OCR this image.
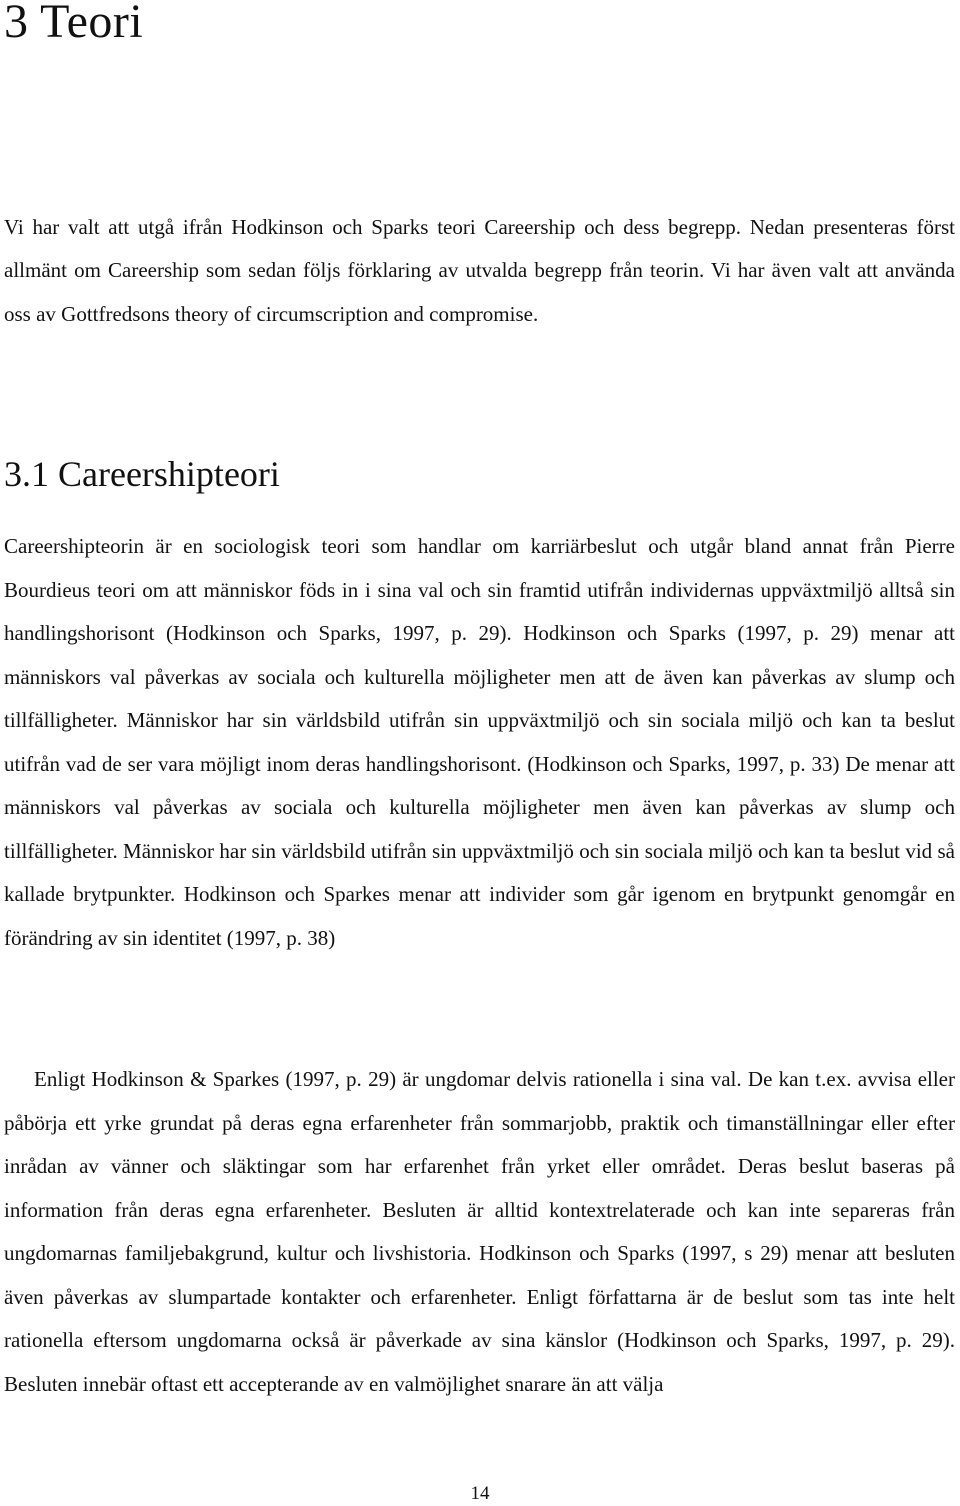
3 Teori

Vi har valt att utgå ifrån Hodkinson och Sparks teori Careership och dess begrepp. Nedan presenteras först allmänt om Careership som sedan följs förklaring av utvalda begrepp från teorin. Vi har även valt att använda oss av Gottfredsons theory of circumscription and compromise.

3.1 Careershipteori

Careershipteorin är en sociologisk teori som handlar om karriärbeslut och utgår bland annat från Pierre Bourdieus teori om att människor föds in i sina val och sin framtid utifrån individernas uppväxtmiljö alltså sin handlingshorisont (Hodkinson och Sparks, 1997, p. 29). Hodkinson och Sparks (1997, p. 29) menar att människors val påverkas av sociala och kulturella möjligheter men att de även kan påverkas av slump och tillfälligheter. Människor har sin världsbild utifrån sin uppväxtmiljö och sin sociala miljö och kan ta beslut utifrån vad de ser vara möjligt inom deras handlingshorisont. (Hodkinson och Sparks, 1997, p. 33) De menar att människors val påverkas av sociala och kulturella möjligheter men även kan påverkas av slump och tillfälligheter. Människor har sin världsbild utifrån sin uppväxtmiljö och sin sociala miljö och kan ta beslut vid så kallade brytpunkter. Hodkinson och Sparkes menar att individer som går igenom en brytpunkt genomgår en förändring av sin identitet (1997, p. 38)

Enligt Hodkinson & Sparkes (1997, p. 29) är ungdomar delvis rationella i sina val. De kan t.ex. avvisa eller påbörja ett yrke grundat på deras egna erfarenheter från sommarjobb, praktik och timanställningar eller efter inrådan av vänner och släktingar som har erfarenhet från yrket eller området. Deras beslut baseras på information från deras egna erfarenheter. Besluten är alltid kontextrelaterade och kan inte separeras från ungdomarnas familjebakgrund, kultur och livshistoria. Hodkinson och Sparks (1997, s 29) menar att besluten även påverkas av slumpartade kontakter och erfarenheter. Enligt författarna är de beslut som tas inte helt rationella eftersom ungdomarna också är påverkade av sina känslor (Hodkinson och Sparks, 1997, p. 29). Besluten innebär oftast ett accepterande av en valmöjlighet snarare än att välja

14
